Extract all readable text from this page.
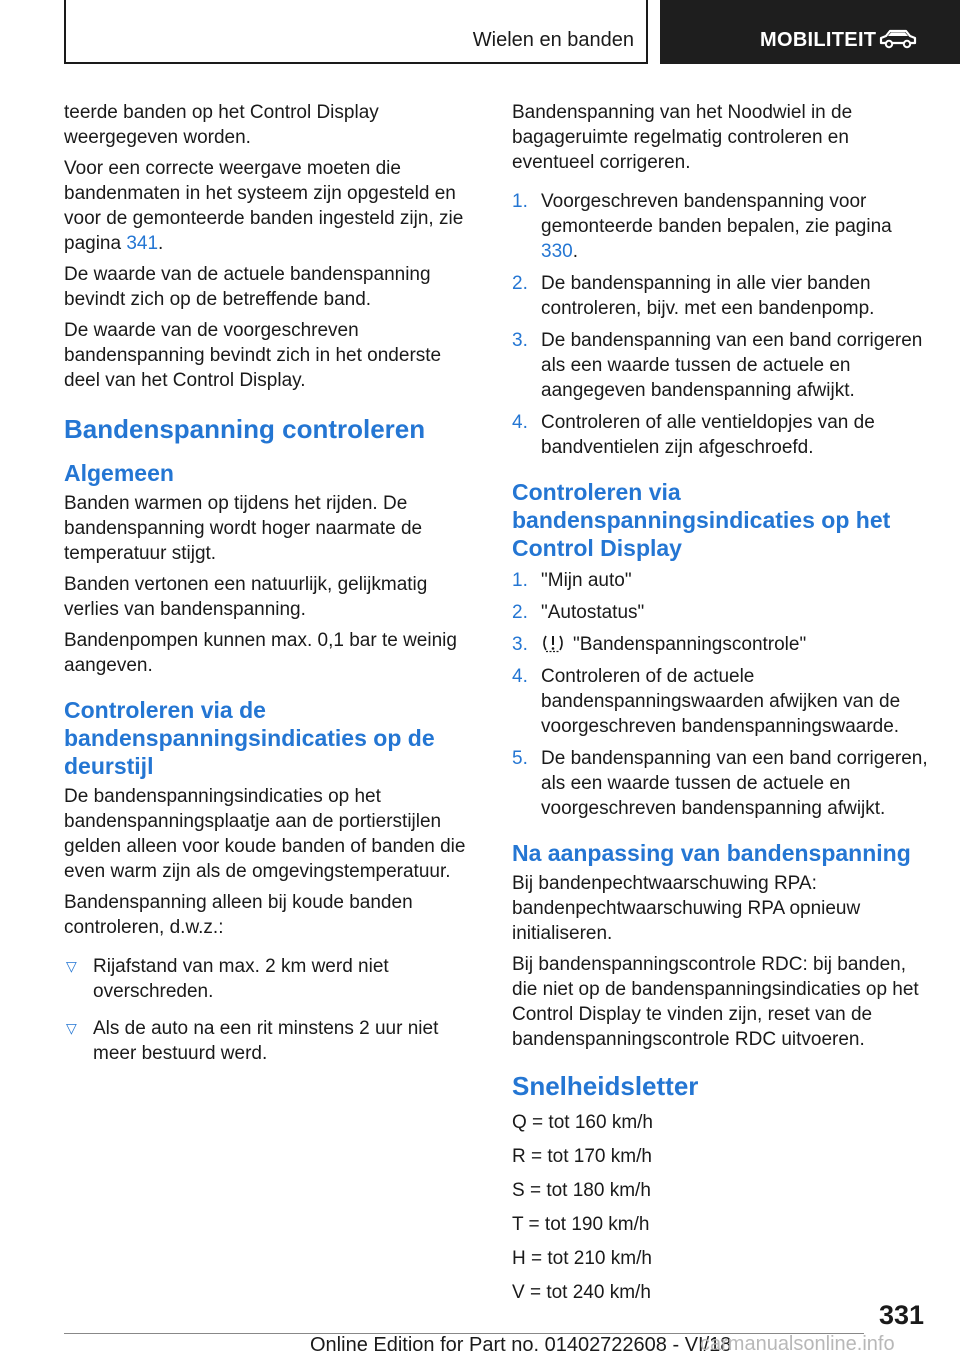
Wielen en banden	MOBILITEIT

teerde banden op het Control Display weergegeven worden.

Voor een correcte weergave moeten die bandenmaten in het systeem zijn opgesteld en voor de gemonteerde banden ingesteld zijn, zie pagina 341.

De waarde van de actuele bandenspanning bevindt zich op de betreffende band.

De waarde van de voorgeschreven bandenspanning bevindt zich in het onderste deel van het Control Display.

Bandenspanning controleren
Algemeen

Banden warmen op tijdens het rijden. De bandenspanning wordt hoger naarmate de temperatuur stijgt.

Banden vertonen een natuurlijk, gelijkmatig verlies van bandenspanning.

Bandenpompen kunnen max. 0,1 bar te weinig aangeven.

Controleren via de bandenspanningsindicaties op de deurstijl

De bandenspanningsindicaties op het bandenspanningsplaatje aan de portierstijlen gelden alleen voor koude banden of banden die even warm zijn als de omgevingstemperatuur.

Bandenspanning alleen bij koude banden controleren, d.w.z.:

▽ Rijafstand van max. 2 km werd niet overschreden.
▽ Als de auto na een rit minstens 2 uur niet meer bestuurd werd.

Bandenspanning van het Noodwiel in de bagageruimte regelmatig controleren en eventueel corrigeren.

1. Voorgeschreven bandenspanning voor gemonteerde banden bepalen, zie pagina 330.
2. De bandenspanning in alle vier banden controleren, bijv. met een bandenpomp.
3. De bandenspanning van een band corrigeren als een waarde tussen de actuele en aangegeven bandenspanning afwijkt.
4. Controleren of alle ventieldopjes van de bandventielen zijn afgeschroefd.
Controleren via bandenspanningsindicaties op het Control Display
1. "Mijn auto"
2. "Autostatus"
3. "Bandenspanningscontrole"
4. Controleren of de actuele bandenspanningswaarden afwijken van de voorgeschreven bandenspanningswaarde.
5. De bandenspanning van een band corrigeren, als een waarde tussen de actuele en voorgeschreven bandenspanning afwijkt.
Na aanpassing van bandenspanning

Bij bandenpechtwaarschuwing RPA: bandenpechtwaarschuwing RPA opnieuw initialiseren.

Bij bandenspanningscontrole RDC: bij banden, die niet op de bandenspanningsindicaties op het Control Display te vinden zijn, reset van de bandenspanningscontrole RDC uitvoeren.

Snelheidsletter

Q = tot 160 km/h

R = tot 170 km/h

S = tot 180 km/h

T = tot 190 km/h

H = tot 210 km/h

V = tot 240 km/h

331
Online Edition for Part no. 01402722608 - VI/18
carmanualsonline.info
